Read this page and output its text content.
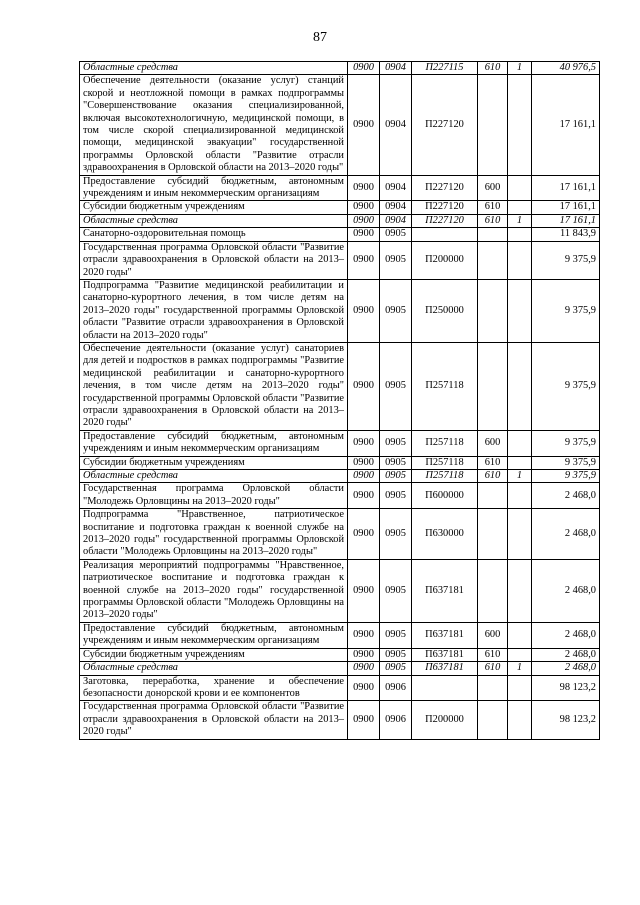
87
Областные средства	0900	0904	П227115	610	1	40 976,5
Обеспечение деятельности (оказание услуг) станций скорой и неотложной помощи в рамках подпрограммы "Совершенствование оказания специализированной, включая высокотехнологичную, медицинской помощи, в том числе скорой специализированной медицинской помощи, медицинской эвакуации" государственной программы Орловской области "Развитие отрасли здравоохранения в Орловской области на 2013–2020 годы"	0900	0904	П227120			17 161,1
Предоставление субсидий бюджетным, автономным учреждениям и иным некоммерческим организациям	0900	0904	П227120	600		17 161,1
Субсидии бюджетным учреждениям	0900	0904	П227120	610		17 161,1
Областные средства	0900	0904	П227120	610	1	17 161,1
Санаторно-оздоровительная помощь	0900	0905				11 843,9
Государственная программа Орловской области "Развитие отрасли здравоохранения в Орловской области на 2013–2020 годы"	0900	0905	П200000			9 375,9
Подпрограмма "Развитие медицинской реабилитации и санаторно-курортного лечения, в том числе детям на 2013–2020 годы" государственной программы Орловской области "Развитие отрасли здравоохранения в Орловской области на 2013–2020 годы"	0900	0905	П250000			9 375,9
Обеспечение деятельности (оказание услуг) санаториев для детей и подростков в рамках подпрограммы "Развитие медицинской реабилитации и санаторно-курортного лечения, в том числе детям на 2013–2020 годы" государственной программы Орловской области "Развитие отрасли здравоохранения в Орловской области на 2013–2020 годы"	0900	0905	П257118			9 375,9
Предоставление субсидий бюджетным, автономным учреждениям и иным некоммерческим организациям	0900	0905	П257118	600		9 375,9
Субсидии бюджетным учреждениям	0900	0905	П257118	610		9 375,9
Областные средства	0900	0905	П257118	610	1	9 375,9
Государственная программа Орловской области "Молодежь Орловщины на 2013–2020 годы"	0900	0905	П600000			2 468,0
Подпрограмма "Нравственное, патриотическое воспитание и подготовка граждан к военной службе на 2013–2020 годы" государственной программы Орловской области "Молодежь Орловщины на 2013–2020 годы"	0900	0905	П630000			2 468,0
Реализация мероприятий подпрограммы "Нравственное, патриотическое воспитание и подготовка граждан к военной службе на 2013–2020 годы" государственной программы Орловской области "Молодежь Орловщины на 2013–2020 годы"	0900	0905	П637181			2 468,0
Предоставление субсидий бюджетным, автономным учреждениям и иным некоммерческим организациям	0900	0905	П637181	600		2 468,0
Субсидии бюджетным учреждениям	0900	0905	П637181	610		2 468,0
Областные средства	0900	0905	П637181	610	1	2 468,0
Заготовка, переработка, хранение и обеспечение безопасности донорской крови и ее компонентов	0900	0906				98 123,2
Государственная программа Орловской области "Развитие отрасли здравоохранения в Орловской области на 2013–2020 годы"	0900	0906	П200000			98 123,2
